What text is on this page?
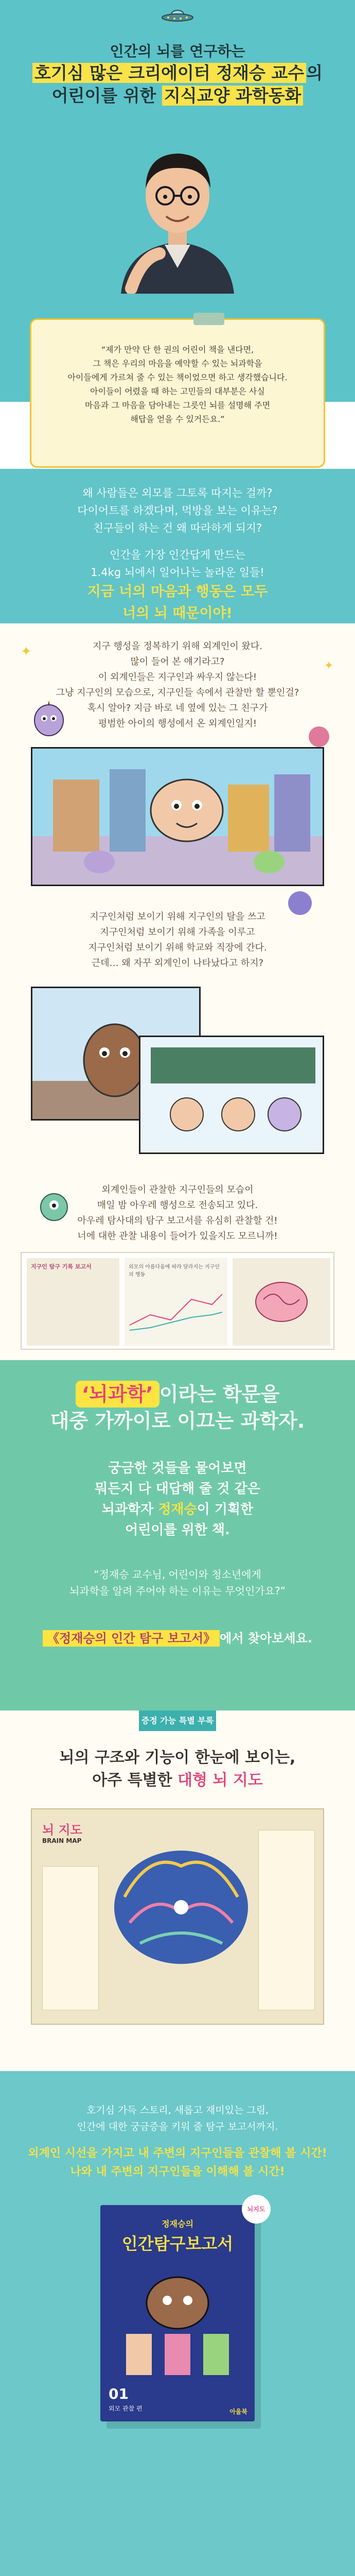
인간의 뇌를 연구하는
호기심 많은 크리에이터 정재승 교수 의
어린이를 위한 지식교양 과학동화

“제가 만약 단 한 권의 어린이 책을 낸다면,

그 책은 우리의 마음을 예약할 수 있는 뇌과학을

아이들에게 가르쳐 줄 수 있는 책이었으면 하고 생각했습니다.

아이들이 어렸을 때 하는 고민들의 대부분은 사실

마음과 그 마음을 담아내는 그릇인 뇌를 설명해 주면

해답을 얻을 수 있거든요.”

왜 사람들은 외모를 그토록 따지는 걸까?
다이어트를 하겠다며, 먹방을 보는 이유는?
친구들이 하는 건 왜 따라하게 되지?
인간을 가장 인간답게 만드는
1.4kg 뇌에서 일어나는 놀라운 일들!
지금 너의 마음과 행동은 모두
너의 뇌 때문이야!
✦
✦
지구 행성을 정복하기 위해 외계인이 왔다.
많이 들어 본 얘기라고?
이 외계인들은 지구인과 싸우지 않는다!
그냥 지구인의 모습으로, 지구인들 속에서 관찰만 할 뿐인걸?
혹시 알아? 지금 바로 네 옆에 있는 그 친구가
평범한 아이의 행성에서 온 외계인일지!
지구인처럼 보이기 위해 지구인의 탈을 쓰고
지구인처럼 보이기 위해 가족을 이루고
지구인처럼 보이기 위해 학교와 직장에 간다.
근데… 왜 자꾸 외계인이 나타났다고 하지?
외계인들이 관찰한 지구인들의 모습이
매일 밤 아우레 행성으로 전송되고 있다.
아우레 탐사대의 탐구 보고서를 유심히 관찰할 건!
너에 대한 관찰 내용이 들어가 있을지도 모르니까!
지구인 탐구 기록 보고서	외모의 아름다움에 따라 달라지는 지구인의 행동
‘뇌과학’ 이라는 학문을
대중 가까이로 이끄는 과학자.
궁금한 것들을 물어보면
뭐든지 다 대답해 줄 것 같은
뇌과학자 정재승이 기획한
어린이를 위한 책.
“정재승 교수님, 어린이와 청소년에게
뇌과학을 알려 주어야 하는 이유는 무엇인가요?”
《정재승의 인간 탐구 보고서》 에서 찾아보세요.
증정 가능 특별 부록
뇌의 구조와 기능이 한눈에 보이는,
아주 특별한 대형 뇌 지도
뇌 지도
BRAIN MAP
호기심 가득 스토리, 새롭고 재미있는 그림,
인간에 대한 궁금증을 키워 줄 탐구 보고서까지.
외계인 시선을 가지고 내 주변의 지구인들을 관찰해 볼 시간!
나와 내 주변의 지구인들을 이해해 볼 시간!
정재승의
인간탐구보고서
01
외모 관찰 편	아울북
뇌지도
